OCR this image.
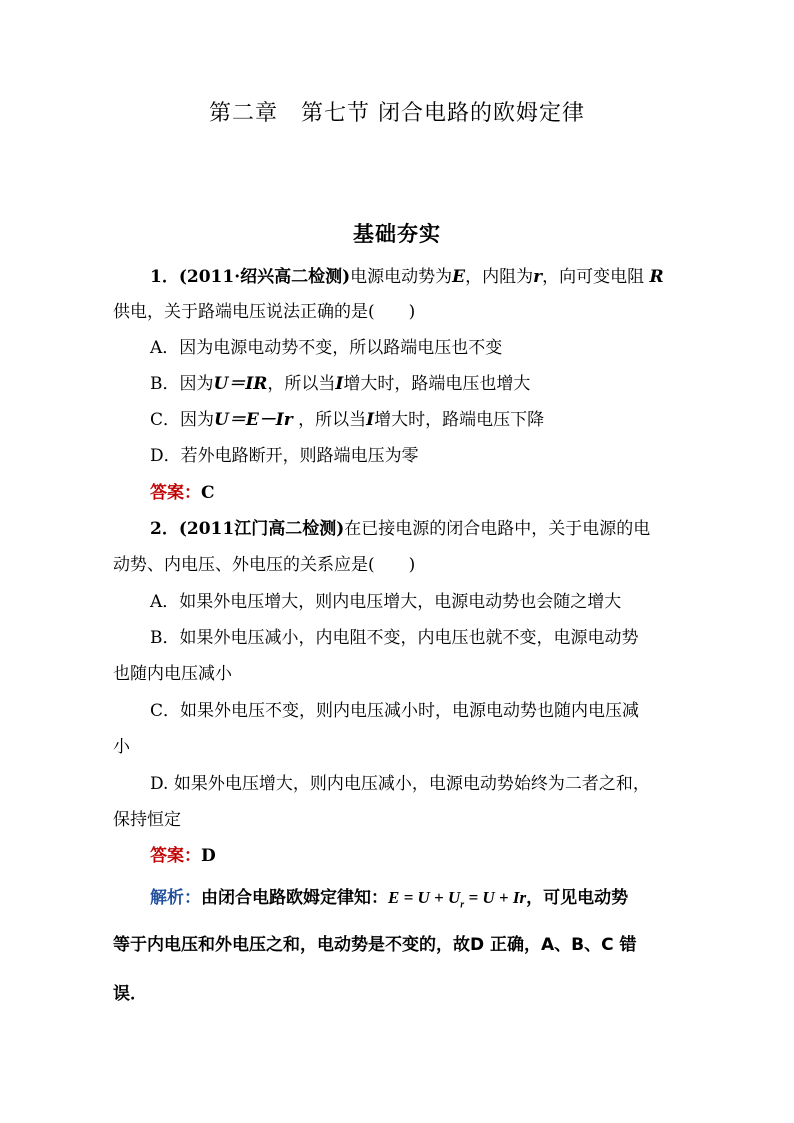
第二章　第七节 闭合电路的欧姆定律
基础夯实
1．(2011·绍兴高二检测)电源电动势为E，内阻为r，向可变电阻 R
供电，关于路端电压说法正确的是(　　)
A．因为电源电动势不变，所以路端电压也不变
B．因为U＝IR，所以当I增大时，路端电压也增大
C．因为U＝E－Ir ，所以当I增大时，路端电压下降
D．若外电路断开，则路端电压为零
答案：C
2．(2011江门高二检测)在已接电源的闭合电路中，关于电源的电
动势、内电压、外电压的关系应是(　　)
A．如果外电压增大，则内电压增大，电源电动势也会随之增大
B．如果外电压减小，内电阻不变，内电压也就不变，电源电动势
也随内电压减小
C．如果外电压不变，则内电压减小时，电源电动势也随内电压减
小
D. 如果外电压增大，则内电压减小，电源电动势始终为二者之和，
保持恒定
答案：D
解析：由闭合电路欧姆定律知：$E = U + U_r = U + Ir$，可见电动势
等于内电压和外电压之和，电动势是不变的，故D 正确，A、B、C 错
误．
